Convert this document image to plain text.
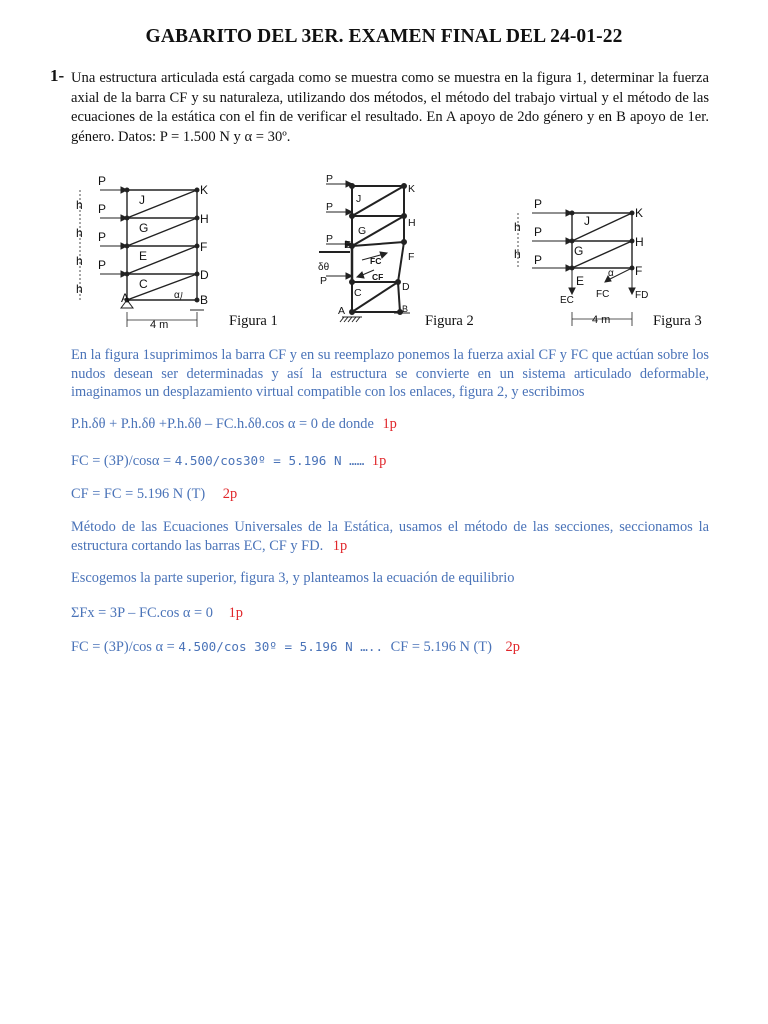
GABARITO DEL 3ER. EXAMEN FINAL DEL 24-01-22
1- Una estructura articulada está cargada como se muestra como se muestra en la figura 1, determinar la fuerza axial de la barra CF y su naturaleza, utilizando dos métodos, el método del trabajo virtual y el método de las ecuaciones de la estática con el fin de verificar el resultado. En A apoyo de 2do género y en B apoyo de 1er. género. Datos: P = 1.500 N y α = 30º.
P
P
P
P
K
J
H
G
F
E
D
C
A	B
h
h
h
h	α
4 m	Figura 1
P
P
P
P
K
J
H
G
F
E
D
C
A	B
δθ
FC
CF
Figura 2
P
P
P
K
J
H
G
F
E
h
h
α
EC
FC	FD
4 m	Figura 3
En la figura 1suprimimos la barra CF y en su reemplazo ponemos la fuerza axial CF y FC que actúan sobre los nudos desean ser determinadas y así la estructura se convierte en un sistema articulado deformable, imaginamos un desplazamiento virtual compatible con los enlaces, figura 2, y escribimos
P.h.δθ + P.h.δθ +P.h.δθ – FC.h.δθ.cos α = 0 de donde 1p
FC = (3P)/cosα = 4.500/cos30º = 5.196 N …… 1p
CF = FC = 5.196 N (T) 2p
Método de las Ecuaciones Universales de la Estática, usamos el método de las secciones, seccionamos la estructura cortando las barras EC, CF y FD. 1p
Escogemos la parte superior, figura 3, y planteamos la ecuación de equilibrio
ΣFx = 3P – FC.cos α = 0 1p
FC = (3P)/cos α = 4.500/cos 30º = 5.196 N ….. CF = 5.196 N (T) 2p
